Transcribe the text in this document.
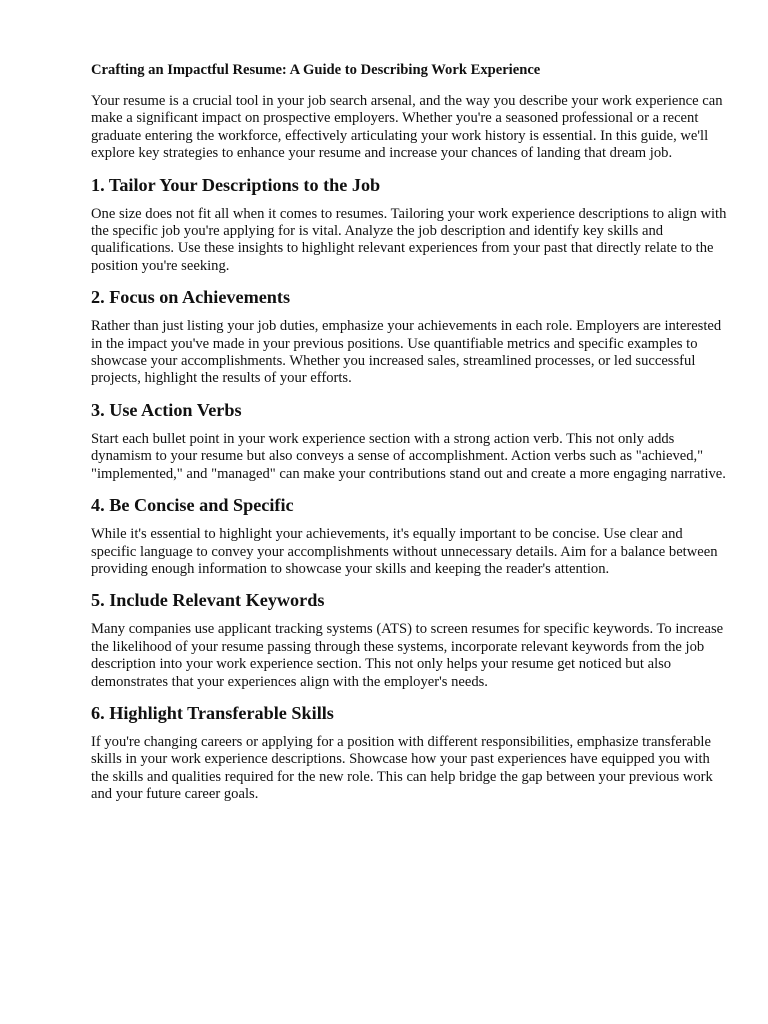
Crafting an Impactful Resume: A Guide to Describing Work Experience

Your resume is a crucial tool in your job search arsenal, and the way you describe your work experience can make a significant impact on prospective employers. Whether you're a seasoned professional or a recent graduate entering the workforce, effectively articulating your work history is essential. In this guide, we'll explore key strategies to enhance your resume and increase your chances of landing that dream job.

1. Tailor Your Descriptions to the Job

One size does not fit all when it comes to resumes. Tailoring your work experience descriptions to align with the specific job you're applying for is vital. Analyze the job description and identify key skills and qualifications. Use these insights to highlight relevant experiences from your past that directly relate to the position you're seeking.

2. Focus on Achievements

Rather than just listing your job duties, emphasize your achievements in each role. Employers are interested in the impact you've made in your previous positions. Use quantifiable metrics and specific examples to showcase your accomplishments. Whether you increased sales, streamlined processes, or led successful projects, highlight the results of your efforts.

3. Use Action Verbs

Start each bullet point in your work experience section with a strong action verb. This not only adds dynamism to your resume but also conveys a sense of accomplishment. Action verbs such as "achieved," "implemented," and "managed" can make your contributions stand out and create a more engaging narrative.

4. Be Concise and Specific

While it's essential to highlight your achievements, it's equally important to be concise. Use clear and specific language to convey your accomplishments without unnecessary details. Aim for a balance between providing enough information to showcase your skills and keeping the reader's attention.

5. Include Relevant Keywords

Many companies use applicant tracking systems (ATS) to screen resumes for specific keywords. To increase the likelihood of your resume passing through these systems, incorporate relevant keywords from the job description into your work experience section. This not only helps your resume get noticed but also demonstrates that your experiences align with the employer's needs.

6. Highlight Transferable Skills

If you're changing careers or applying for a position with different responsibilities, emphasize transferable skills in your work experience descriptions. Showcase how your past experiences have equipped you with the skills and qualities required for the new role. This can help bridge the gap between your previous work and your future career goals.
